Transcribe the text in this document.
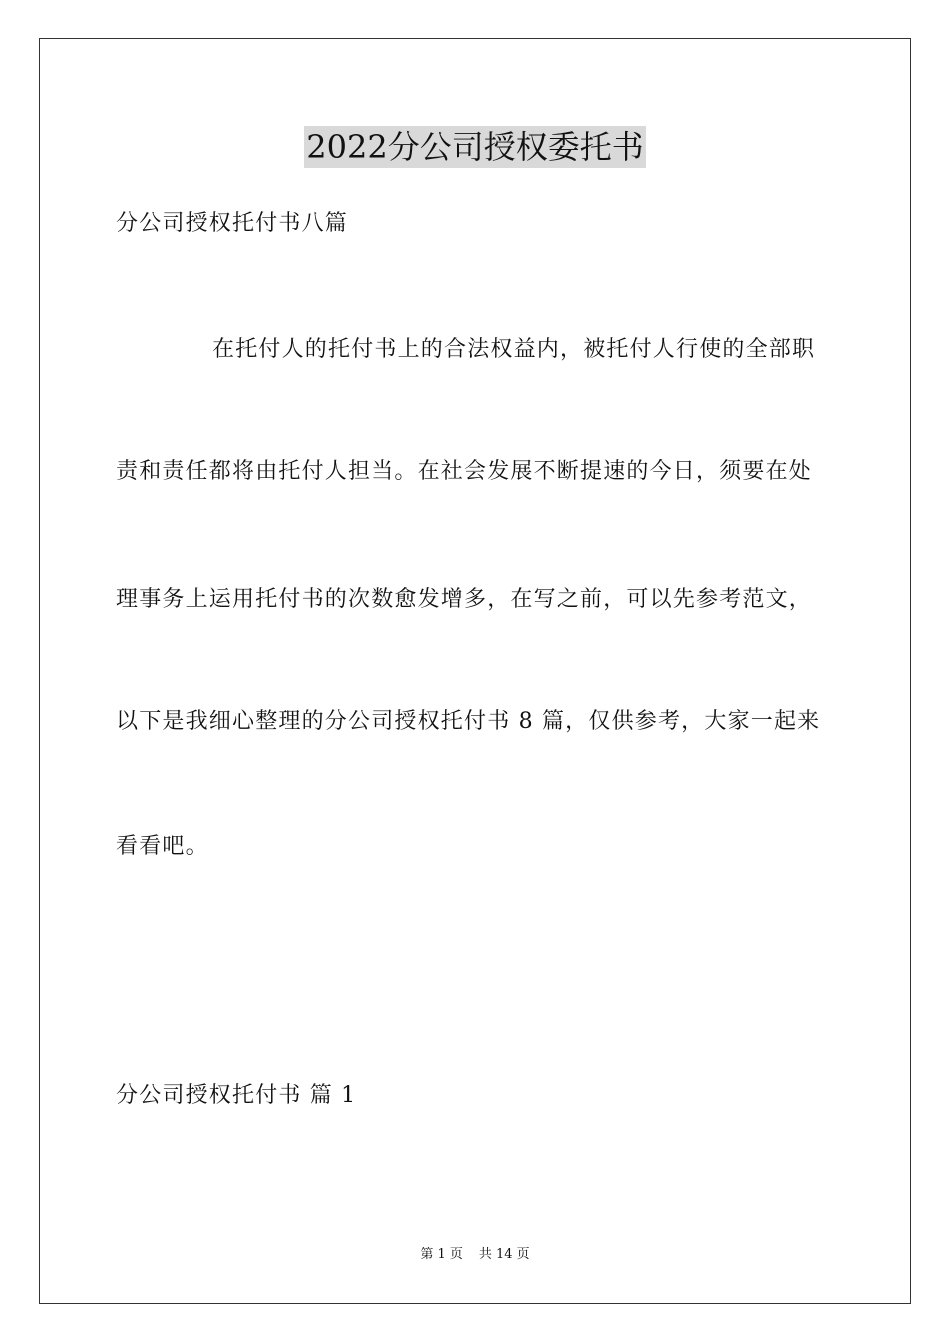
2022分公司授权委托书
分公司授权托付书八篇
在托付人的托付书上的合法权益内，被托付人行使的全部职
责和责任都将由托付人担当。在社会发展不断提速的今日，须要在处
理事务上运用托付书的次数愈发增多，在写之前，可以先参考范文，
以下是我细心整理的分公司授权托付书 8 篇，仅供参考，大家一起来
看看吧。
分公司授权托付书 篇 1
第 1 页 共 14 页
